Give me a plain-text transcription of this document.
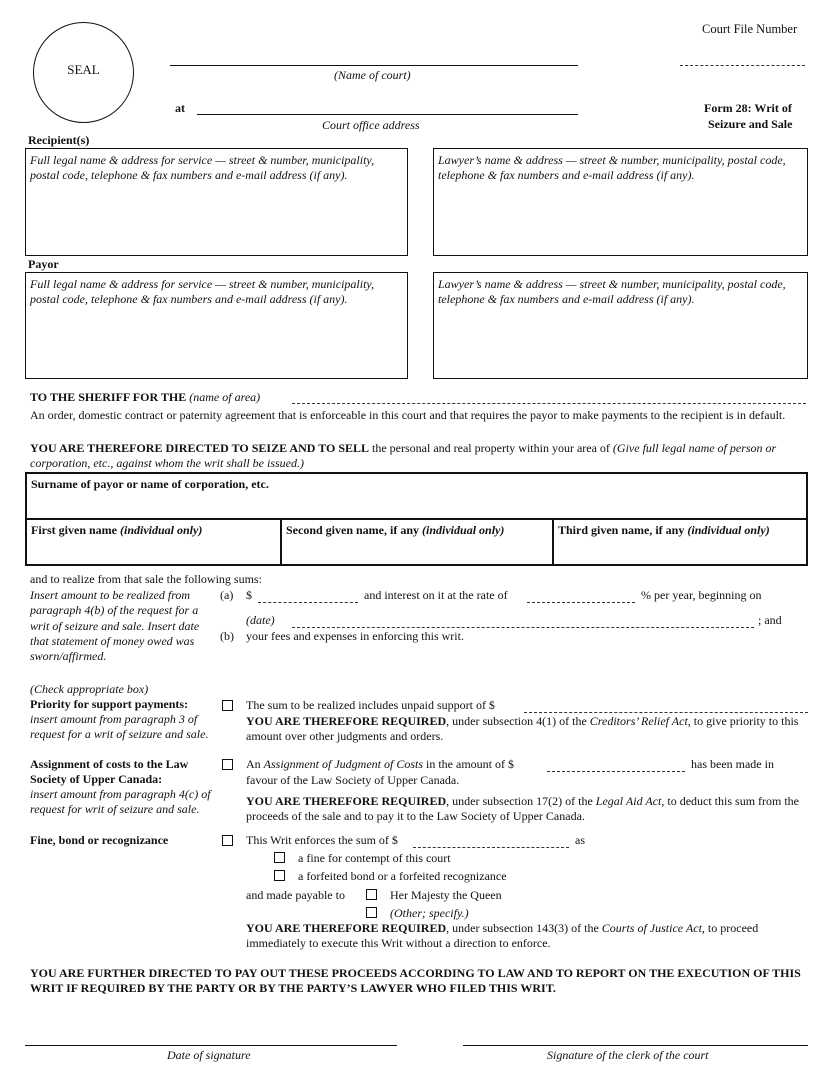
SEAL
Court File Number
(Name of court)
at
Court office address
Form 28: Writ of
Seizure and Sale
Recipient(s)
Full legal name & address for service — street & number, municipality, postal code, telephone & fax numbers and e-mail address (if any).
Lawyer’s name & address — street & number, municipality, postal code, telephone & fax numbers and e-mail address (if any).
Payor
Full legal name & address for service — street & number, municipality, postal code, telephone & fax numbers and e-mail address (if any).
Lawyer’s name & address — street & number, municipality, postal code, telephone & fax numbers and e-mail address (if any).
TO THE SHERIFF FOR THE (name of area)
An order, domestic contract or paternity agreement that is enforceable in this court and that requires the payor to make payments to the recipient is in default.
YOU ARE THEREFORE DIRECTED TO SEIZE AND TO SELL the personal and real property within your area of (Give full legal name of person or corporation, etc., against whom the writ shall be issued.)
Surname of payor or name of corporation, etc.
First given name (individual only)	Second given name, if any (individual only)	Third given name, if any (individual only)
and to realize from that sale the following sums:
Insert amount to be realized from paragraph 4(b) of the request for a writ of seizure and sale. Insert date that statement of money owed was sworn/affirmed.
(a) $	and interest on it at the rate of	% per year, beginning on
(date)	; and
(b) your fees and expenses in enforcing this writ.
(Check appropriate box)
Priority for support payments:
insert amount from paragraph 3 of request for a writ of seizure and sale.
The sum to be realized includes unpaid support of $
YOU ARE THEREFORE REQUIRED, under subsection 4(1) of the Creditors’ Relief Act, to give priority to this amount over other judgments and orders.
Assignment of costs to the Law Society of Upper Canada:
insert amount from paragraph 4(c) of request for writ of seizure and sale.
An Assignment of Judgment of Costs in the amount of $	has been made in
favour of the Law Society of Upper Canada.
YOU ARE THEREFORE REQUIRED, under subsection 17(2) of the Legal Aid Act, to deduct this sum from the proceeds of the sale and to pay it to the Law Society of Upper Canada.
Fine, bond or recognizance	This Writ enforces the sum of $	as
a fine for contempt of this court
a forfeited bond or a forfeited recognizance
and made payable to	Her Majesty the Queen
(Other; specify.)
YOU ARE THEREFORE REQUIRED, under subsection 143(3) of the Courts of Justice Act, to proceed immediately to execute this Writ without a direction to enforce.
YOU ARE FURTHER DIRECTED TO PAY OUT THESE PROCEEDS ACCORDING TO LAW AND TO REPORT ON THE EXECUTION OF THIS WRIT IF REQUIRED BY THE PARTY OR BY THE PARTY’S LAWYER WHO FILED THIS WRIT.
Date of signature	Signature of the clerk of the court
